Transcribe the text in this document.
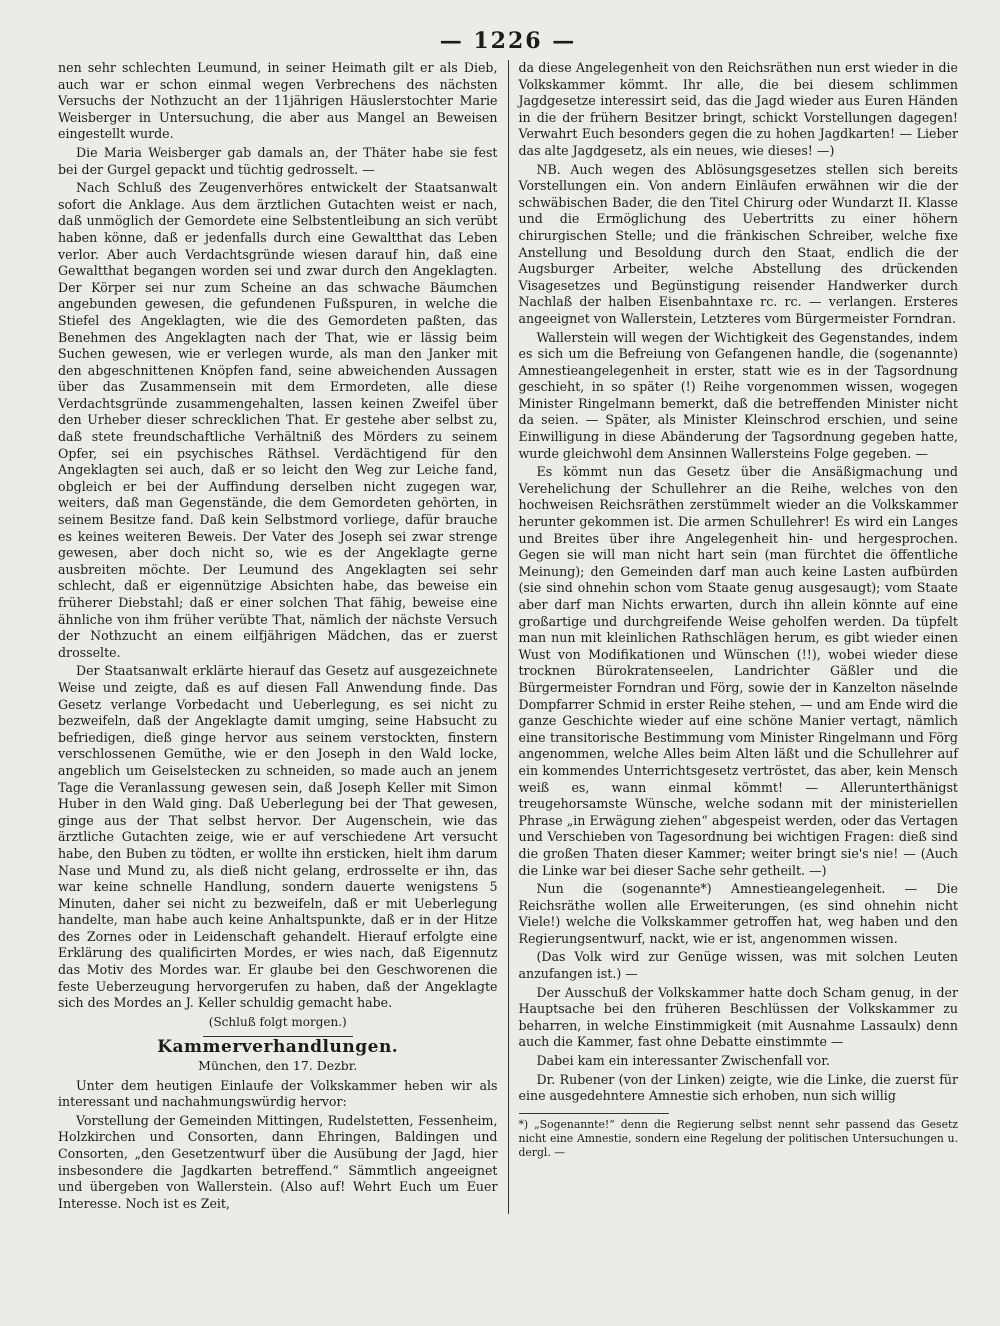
— 1226 —

nen sehr schlechten Leumund, in seiner Heimath gilt er als Dieb, auch war er schon einmal wegen Verbrechens des nächsten Versuchs der Nothzucht an der 11jährigen Häuslerstochter Marie Weisberger in Untersuchung, die aber aus Mangel an Beweisen eingestellt wurde.

Die Maria Weisberger gab damals an, der Thäter habe sie fest bei der Gurgel gepackt und tüchtig gedrosselt. —

Nach Schluß des Zeugenverhöres entwickelt der Staatsanwalt sofort die Anklage. Aus dem ärztlichen Gutachten weist er nach, daß unmöglich der Gemordete eine Selbstentleibung an sich verübt haben könne, daß er jedenfalls durch eine Gewaltthat das Leben verlor. Aber auch Verdachtsgründe wiesen darauf hin, daß eine Gewaltthat begangen worden sei und zwar durch den Angeklagten. Der Körper sei nur zum Scheine an das schwache Bäumchen angebunden gewesen, die gefundenen Fußspuren, in welche die Stiefel des Angeklagten, wie die des Gemordeten paßten, das Benehmen des Angeklagten nach der That, wie er lässig beim Suchen gewesen, wie er verlegen wurde, als man den Janker mit den abgeschnittenen Knöpfen fand, seine abweichenden Aussagen über das Zusammensein mit dem Ermordeten, alle diese Verdachtsgründe zusammengehalten, lassen keinen Zweifel über den Urheber dieser schrecklichen That. Er gestehe aber selbst zu, daß stete freundschaftliche Verhältniß des Mörders zu seinem Opfer, sei ein psychisches Räthsel. Verdächtigend für den Angeklagten sei auch, daß er so leicht den Weg zur Leiche fand, obgleich er bei der Auffindung derselben nicht zugegen war, weiters, daß man Gegenstände, die dem Gemordeten gehörten, in seinem Besitze fand. Daß kein Selbstmord vorliege, dafür brauche es keines weiteren Beweis. Der Vater des Joseph sei zwar strenge gewesen, aber doch nicht so, wie es der Angeklagte gerne ausbreiten möchte. Der Leumund des Angeklagten sei sehr schlecht, daß er eigennützige Absichten habe, das beweise ein früherer Diebstahl; daß er einer solchen That fähig, beweise eine ähnliche von ihm früher verübte That, nämlich der nächste Versuch der Nothzucht an einem eilfjährigen Mädchen, das er zuerst drosselte.

Der Staatsanwalt erklärte hierauf das Gesetz auf ausgezeichnete Weise und zeigte, daß es auf diesen Fall Anwendung finde. Das Gesetz verlange Vorbedacht und Ueberlegung, es sei nicht zu bezweifeln, daß der Angeklagte damit umging, seine Habsucht zu befriedigen, dieß ginge hervor aus seinem verstockten, finstern verschlossenen Gemüthe, wie er den Joseph in den Wald locke, angeblich um Geiselstecken zu schneiden, so made auch an jenem Tage die Veranlassung gewesen sein, daß Joseph Keller mit Simon Huber in den Wald ging. Daß Ueberlegung bei der That gewesen, ginge aus der That selbst hervor. Der Augenschein, wie das ärztliche Gutachten zeige, wie er auf verschiedene Art versucht habe, den Buben zu tödten, er wollte ihn ersticken, hielt ihm darum Nase und Mund zu, als dieß nicht gelang, erdrosselte er ihn, das war keine schnelle Handlung, sondern dauerte wenigstens 5 Minuten, daher sei nicht zu bezweifeln, daß er mit Ueberlegung handelte, man habe auch keine Anhaltspunkte, daß er in der Hitze des Zornes oder in Leidenschaft gehandelt. Hierauf erfolgte eine Erklärung des qualificirten Mordes, er wies nach, daß Eigennutz das Motiv des Mordes war. Er glaube bei den Geschworenen die feste Ueberzeugung hervorgerufen zu haben, daß der Angeklagte sich des Mordes an J. Keller schuldig gemacht habe.

(Schluß folgt morgen.)
Kammerverhandlungen.
München, den 17. Dezbr.

Unter dem heutigen Einlaufe der Volkskammer heben wir als interessant und nachahmungswürdig hervor:

Vorstellung der Gemeinden Mittingen, Rudelstetten, Fessenheim, Holzkirchen und Consorten, dann Ehringen, Baldingen und Consorten, „den Gesetzentwurf über die Ausübung der Jagd, hier insbesondere die Jagdkarten betreffend.“ Sämmtlich angeeignet und übergeben von Wallerstein. (Also auf! Wehrt Euch um Euer Interesse. Noch ist es Zeit,

da diese Angelegenheit von den Reichsräthen nun erst wieder in die Volkskammer kömmt. Ihr alle, die bei diesem schlimmen Jagdgesetze interessirt seid, das die Jagd wieder aus Euren Händen in die der frühern Besitzer bringt, schickt Vorstellungen dagegen! Verwahrt Euch besonders gegen die zu hohen Jagdkarten! — Lieber das alte Jagdgesetz, als ein neues, wie dieses! —)

NB. Auch wegen des Ablösungsgesetzes stellen sich bereits Vorstellungen ein. Von andern Einläufen erwähnen wir die der schwäbischen Bader, die den Titel Chirurg oder Wundarzt II. Klasse und die Ermöglichung des Uebertritts zu einer höhern chirurgischen Stelle; und die fränkischen Schreiber, welche fixe Anstellung und Besoldung durch den Staat, endlich die der Augsburger Arbeiter, welche Abstellung des drückenden Visagesetzes und Begünstigung reisender Handwerker durch Nachlaß der halben Eisenbahntaxe rc. rc. — verlangen. Ersteres angeeignet von Wallerstein, Letzteres vom Bürgermeister Forndran.

Wallerstein will wegen der Wichtigkeit des Gegenstandes, indem es sich um die Befreiung von Gefangenen handle, die (sogenannte) Amnestieangelegenheit in erster, statt wie es in der Tagsordnung geschieht, in so später (!) Reihe vorgenommen wissen, wogegen Minister Ringelmann bemerkt, daß die betreffenden Minister nicht da seien. — Später, als Minister Kleinschrod erschien, und seine Einwilligung in diese Abänderung der Tagsordnung gegeben hatte, wurde gleichwohl dem Ansinnen Wallersteins Folge gegeben. —

Es kömmt nun das Gesetz über die Ansäßigmachung und Verehelichung der Schullehrer an die Reihe, welches von den hochweisen Reichsräthen zerstümmelt wieder an die Volkskammer herunter gekommen ist. Die armen Schullehrer! Es wird ein Langes und Breites über ihre Angelegenheit hin- und hergesprochen. Gegen sie will man nicht hart sein (man fürchtet die öffentliche Meinung); den Gemeinden darf man auch keine Lasten aufbürden (sie sind ohnehin schon vom Staate genug ausgesaugt); vom Staate aber darf man Nichts erwarten, durch ihn allein könnte auf eine großartige und durchgreifende Weise geholfen werden. Da tüpfelt man nun mit kleinlichen Rathschlägen herum, es gibt wieder einen Wust von Modifikationen und Wünschen (!!), wobei wieder diese trocknen Bürokratenseelen, Landrichter Gäßler und die Bürgermeister Forndran und Förg, sowie der in Kanzelton näselnde Dompfarrer Schmid in erster Reihe stehen, — und am Ende wird die ganze Geschichte wieder auf eine schöne Manier vertagt, nämlich eine transitorische Bestimmung vom Minister Ringelmann und Förg angenommen, welche Alles beim Alten läßt und die Schullehrer auf ein kommendes Unterrichtsgesetz vertröstet, das aber, kein Mensch weiß es, wann einmal kömmt! — Allerunterthänigst treugehorsamste Wünsche, welche sodann mit der ministeriellen Phrase „in Erwägung ziehen“ abgespeist werden, oder das Vertagen und Verschieben von Tagesordnung bei wichtigen Fragen: dieß sind die großen Thaten dieser Kammer; weiter bringt sie's nie! — (Auch die Linke war bei dieser Sache sehr getheilt. —)

Nun die (sogenannte*) Amnestieangelegenheit. — Die Reichsräthe wollen alle Erweiterungen, (es sind ohnehin nicht Viele!) welche die Volkskammer getroffen hat, weg haben und den Regierungsentwurf, nackt, wie er ist, angenommen wissen.

(Das Volk wird zur Genüge wissen, was mit solchen Leuten anzufangen ist.) —

Der Ausschuß der Volkskammer hatte doch Scham genug, in der Hauptsache bei den früheren Beschlüssen der Volkskammer zu beharren, in welche Einstimmigkeit (mit Ausnahme Lassaulx) denn auch die Kammer, fast ohne Debatte einstimmte —

Dabei kam ein interessanter Zwischenfall vor.

Dr. Rubener (von der Linken) zeigte, wie die Linke, die zuerst für eine ausgedehntere Amnestie sich erhoben, nun sich willig

*) „Sogenannte!“ denn die Regierung selbst nennt sehr passend das Gesetz nicht eine Amnestie, sondern eine Regelung der politischen Untersuchungen u. dergl. —
